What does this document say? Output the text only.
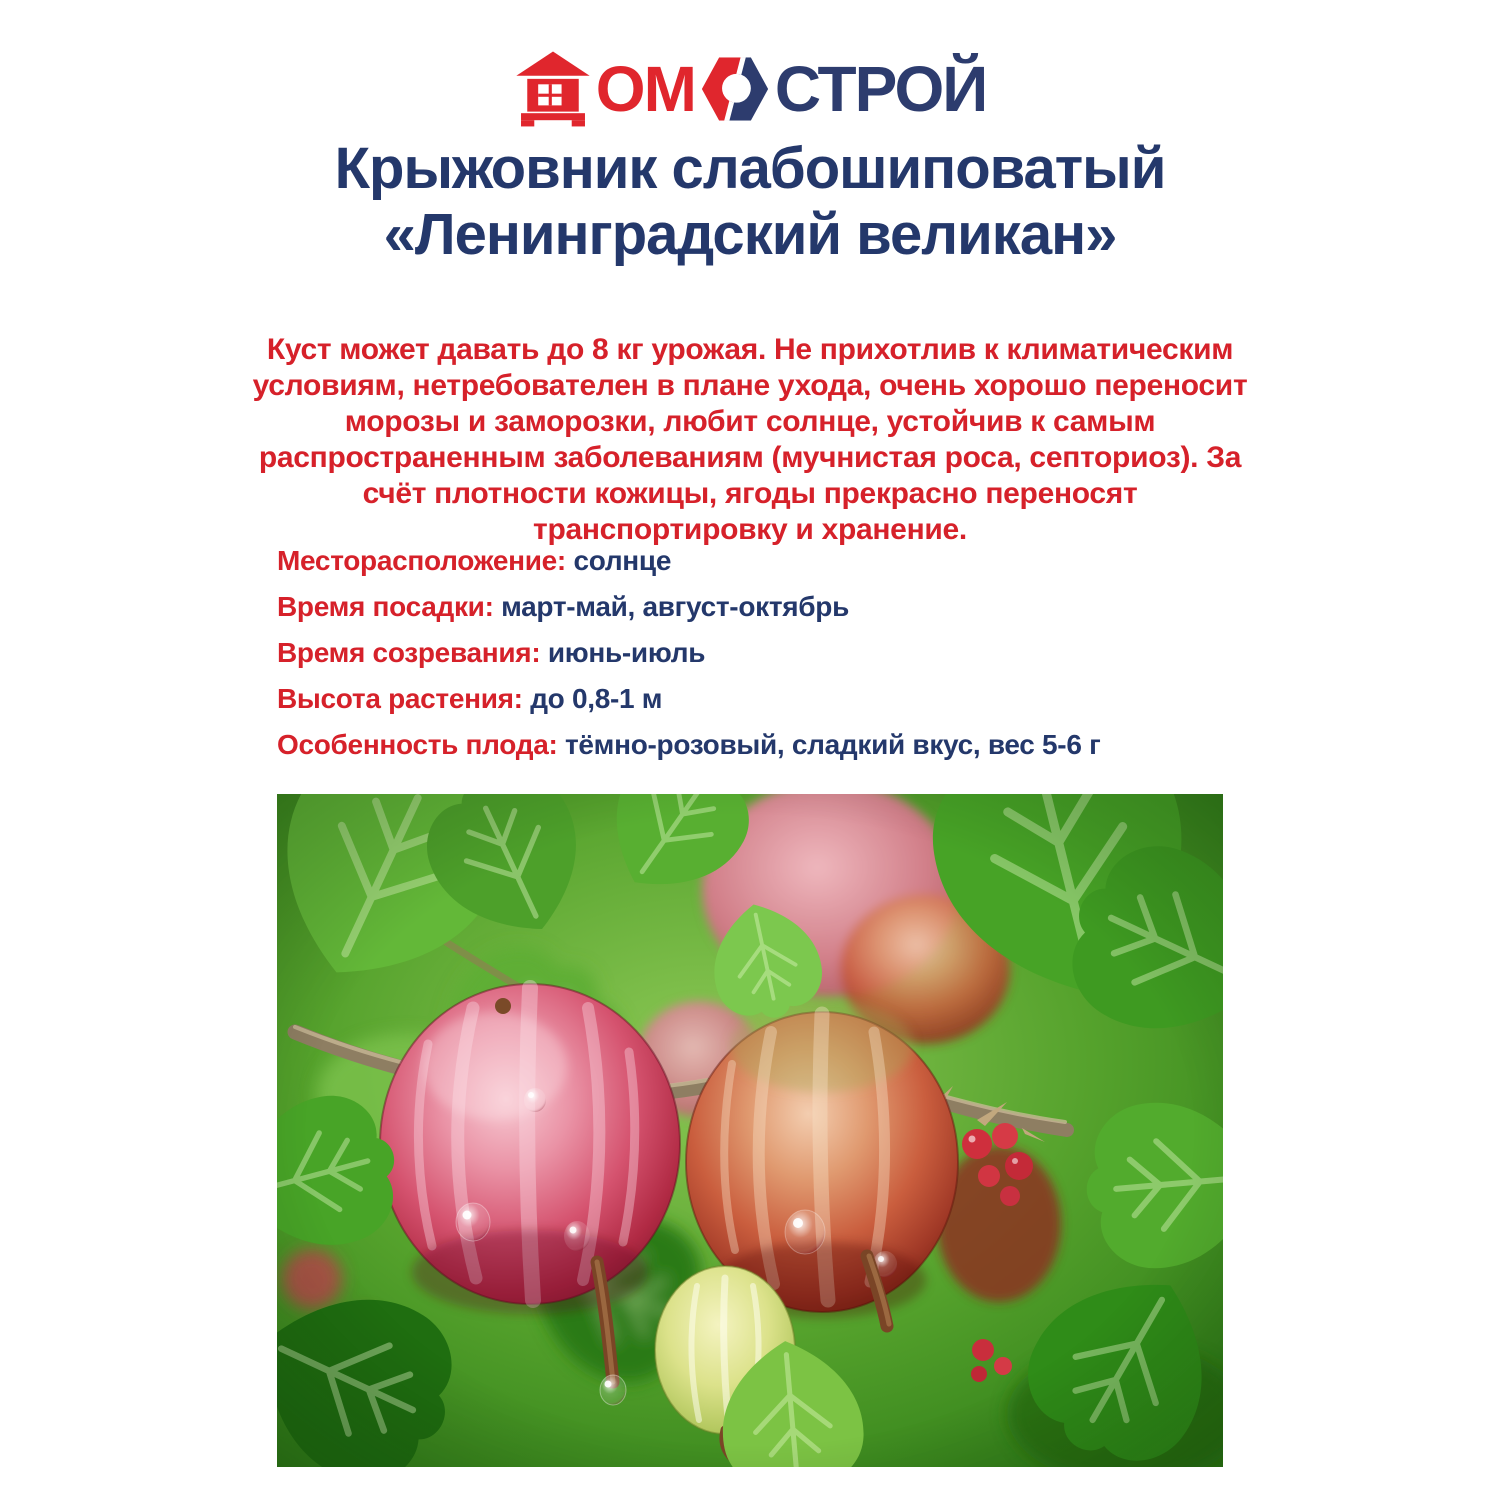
ОМ СТРОЙ
Крыжовник слабошиповатый
«Ленинградский великан»

Куст может давать до 8 кг урожая. Не прихотлив к климатическим условиям, нетребователен в плане ухода, очень хорошо переносит морозы и заморозки, любит солнце, устойчив к самым распространенным заболеваниям (мучнистая роса, септориоз). За счёт плотности кожицы, ягоды прекрасно переносят транспортировку и хранение.

Месторасположение: солнце
Время посадки: март-май, август-октябрь
Время созревания: июнь-июль
Высота растения: до 0,8-1 м
Особенность плода: тёмно-розовый, сладкий вкус, вес 5-6 г
